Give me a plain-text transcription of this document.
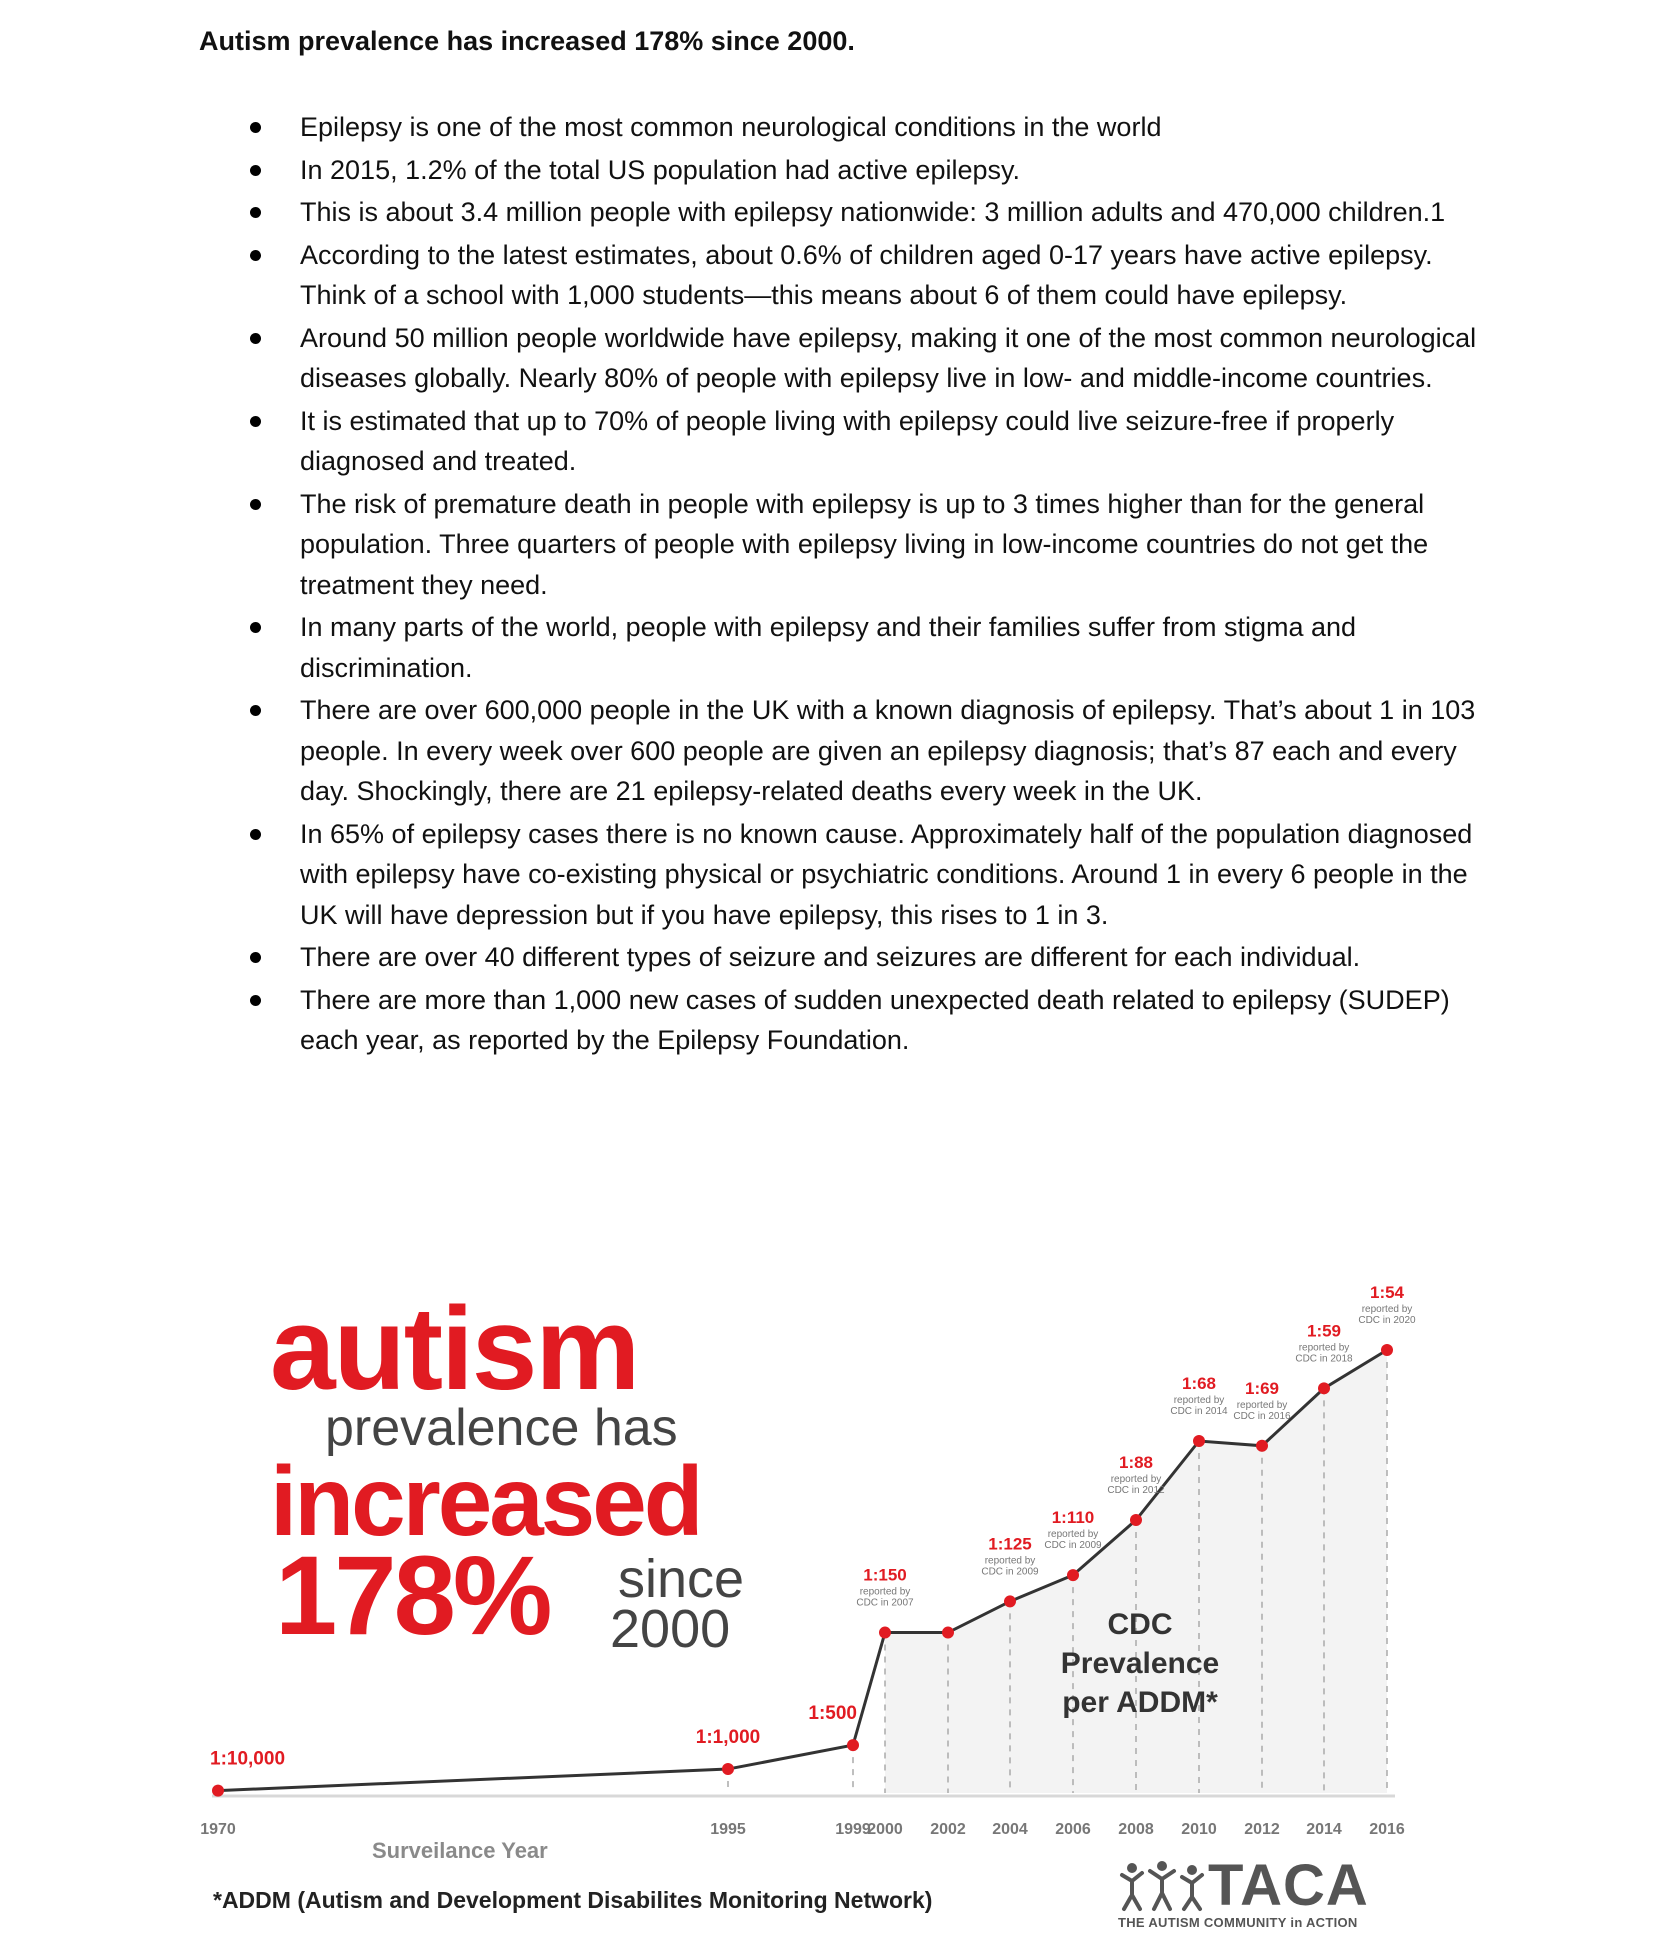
Autism prevalence has increased 178% since 2000.
Epilepsy is one of the most common neurological conditions in the world
In 2015, 1.2% of the total US population had active epilepsy.
This is about 3.4 million people with epilepsy nationwide: 3 million adults and 470,000 children.1
According to the latest estimates, about 0.6% of children aged 0-17 years have active epilepsy. Think of a school with 1,000 students—this means about 6 of them could have epilepsy.
Around 50 million people worldwide have epilepsy, making it one of the most common neurological diseases globally. Nearly 80% of people with epilepsy live in low- and middle-income countries.
It is estimated that up to 70% of people living with epilepsy could live seizure-free if properly diagnosed and treated.
The risk of premature death in people with epilepsy is up to 3 times higher than for the general population. Three quarters of people with epilepsy living in low-income countries do not get the treatment they need.
In many parts of the world, people with epilepsy and their families suffer from stigma and discrimination.
There are over 600,000 people in the UK with a known diagnosis of epilepsy. That’s about 1 in 103 people. In every week over 600 people are given an epilepsy diagnosis; that’s 87 each and every day. Shockingly, there are 21 epilepsy-related deaths every week in the UK.
In 65% of epilepsy cases there is no known cause. Approximately half of the population diagnosed with epilepsy have co-existing physical or psychiatric conditions. Around 1 in every 6 people in the UK will have depression but if you have epilepsy, this rises to 1 in 3.
There are over 40 different types of seizure and seizures are different for each individual.
There are more than 1,000 new cases of sudden unexpected death related to epilepsy (SUDEP) each year, as reported by the Epilepsy Foundation.
1:10,000
1:1,000
1:500
1:150
reported by
CDC in 2007
1:125
reported by
CDC in 2009
1:110
reported by
CDC in 2009
1:88
reported by
CDC in 2012
1:68
reported by
CDC in 2014
1:69
reported by
CDC in 2016
1:59
reported by
CDC in 2018
1:54
reported by
CDC in 2020
1970	1995	1999
2000 2002 2004 2006 2008 2010 2012 2014 2016

autism

prevalence has

increased

178% since

2000	CDC Prevalence
per ADDM*

Surveilance Year

*ADDM (Autism and Development Disabilites Monitoring Network)	TACA

THE AUTISM COMMUNITY in ACTION
